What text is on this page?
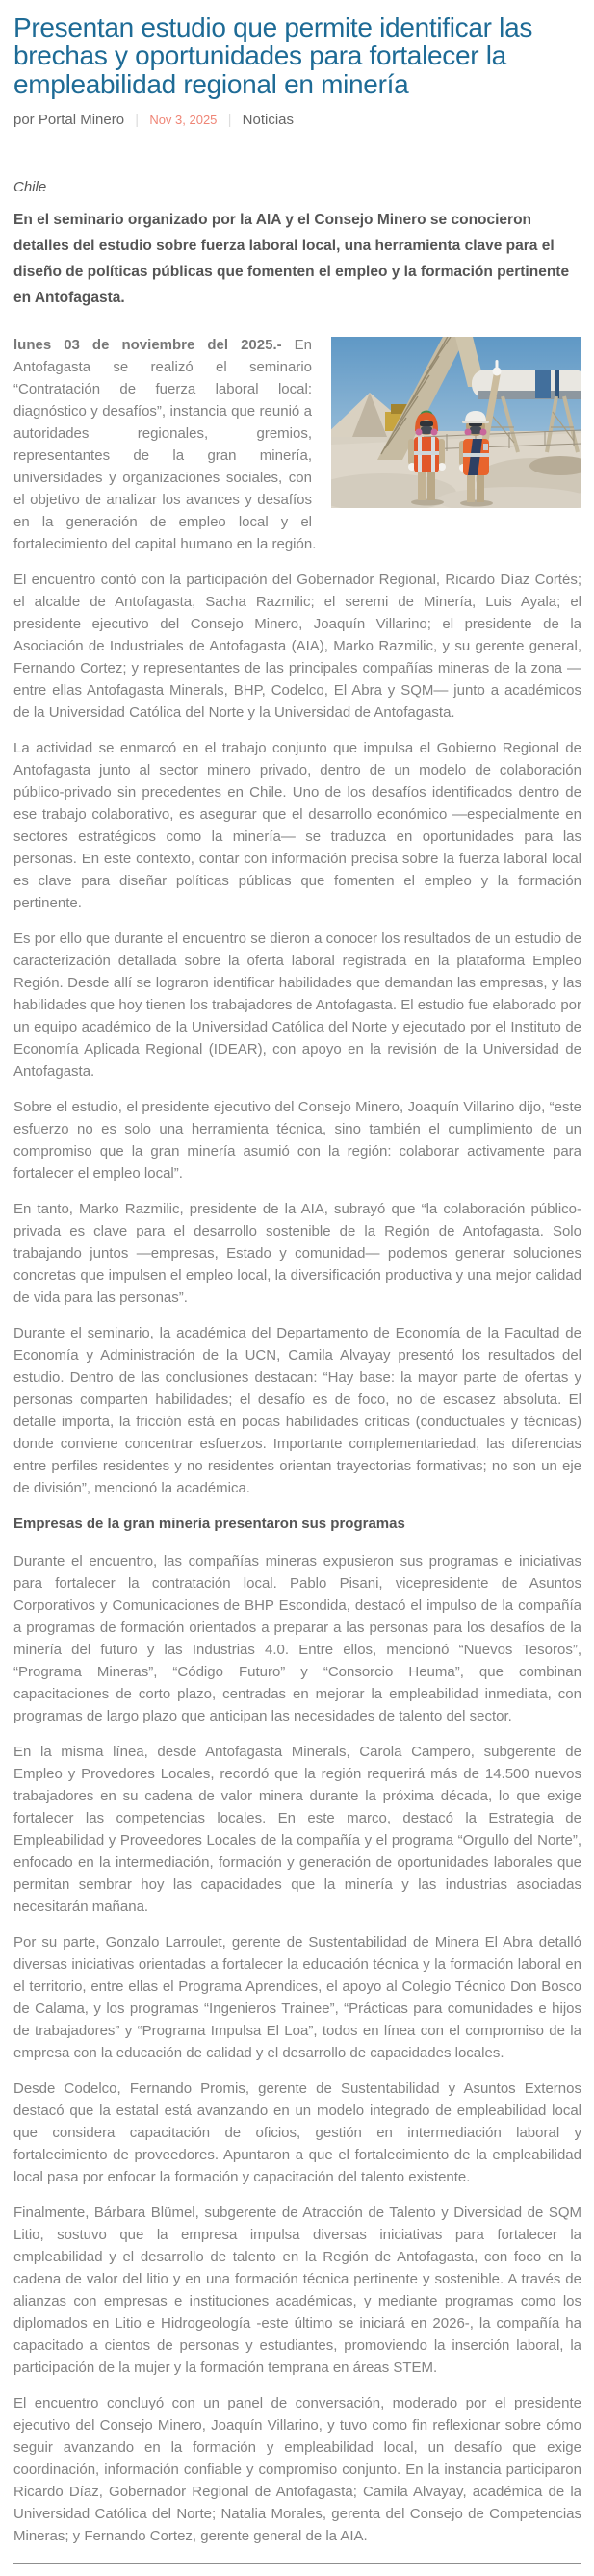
Presentan estudio que permite identificar las brechas y oportunidades para fortalecer la empleabilidad regional en minería
por Portal Minero | Nov 3, 2025 | Noticias

Chile

En el seminario organizado por la AIA y el Consejo Minero se conocieron detalles del estudio sobre fuerza laboral local, una herramienta clave para el diseño de políticas públicas que fomenten el empleo y la formación pertinente en Antofagasta.

lunes 03 de noviembre del 2025.- En Antofagasta se realizó el seminario “Contratación de fuerza laboral local: diagnóstico y desafíos”, instancia que reunió a autoridades regionales, gremios, representantes de la gran minería, universidades y organizaciones sociales, con el objetivo de analizar los avances y desafíos en la generación de empleo local y el fortalecimiento del capital humano en la región.

El encuentro contó con la participación del Gobernador Regional, Ricardo Díaz Cortés; el alcalde de Antofagasta, Sacha Razmilic; el seremi de Minería, Luis Ayala; el presidente ejecutivo del Consejo Minero, Joaquín Villarino; el presidente de la Asociación de Industriales de Antofagasta (AIA), Marko Razmilic, y su gerente general, Fernando Cortez; y representantes de las principales compañías mineras de la zona —entre ellas Antofagasta Minerals, BHP, Codelco, El Abra y SQM— junto a académicos de la Universidad Católica del Norte y la Universidad de Antofagasta.

La actividad se enmarcó en el trabajo conjunto que impulsa el Gobierno Regional de Antofagasta junto al sector minero privado, dentro de un modelo de colaboración público-privado sin precedentes en Chile. Uno de los desafíos identificados dentro de ese trabajo colaborativo, es asegurar que el desarrollo económico —especialmente en sectores estratégicos como la minería— se traduzca en oportunidades para las personas. En este contexto, contar con información precisa sobre la fuerza laboral local es clave para diseñar políticas públicas que fomenten el empleo y la formación pertinente.

Es por ello que durante el encuentro se dieron a conocer los resultados de un estudio de caracterización detallada sobre la oferta laboral registrada en la plataforma Empleo Región. Desde allí se lograron identificar habilidades que demandan las empresas, y las habilidades que hoy tienen los trabajadores de Antofagasta. El estudio fue elaborado por un equipo académico de la Universidad Católica del Norte y ejecutado por el Instituto de Economía Aplicada Regional (IDEAR), con apoyo en la revisión de la Universidad de Antofagasta.

Sobre el estudio, el presidente ejecutivo del Consejo Minero, Joaquín Villarino dijo, “este esfuerzo no es solo una herramienta técnica, sino también el cumplimiento de un compromiso que la gran minería asumió con la región: colaborar activamente para fortalecer el empleo local”.

En tanto, Marko Razmilic, presidente de la AIA, subrayó que “la colaboración público-privada es clave para el desarrollo sostenible de la Región de Antofagasta. Solo trabajando juntos —empresas, Estado y comunidad— podemos generar soluciones concretas que impulsen el empleo local, la diversificación productiva y una mejor calidad de vida para las personas”.

Durante el seminario, la académica del Departamento de Economía de la Facultad de Economía y Administración de la UCN, Camila Alvayay presentó los resultados del estudio. Dentro de las conclusiones destacan: “Hay base: la mayor parte de ofertas y personas comparten habilidades; el desafío es de foco, no de escasez absoluta. El detalle importa, la fricción está en pocas habilidades críticas (conductuales y técnicas) donde conviene concentrar esfuerzos. Importante complementariedad, las diferencias entre perfiles residentes y no residentes orientan trayectorias formativas; no son un eje de división”, mencionó la académica.

Empresas de la gran minería presentaron sus programas

Durante el encuentro, las compañías mineras expusieron sus programas e iniciativas para fortalecer la contratación local. Pablo Pisani, vicepresidente de Asuntos Corporativos y Comunicaciones de BHP Escondida, destacó el impulso de la compañía a programas de formación orientados a preparar a las personas para los desafíos de la minería del futuro y las Industrias 4.0. Entre ellos, mencionó “Nuevos Tesoros”, “Programa Mineras”, “Código Futuro” y “Consorcio Heuma”, que combinan capacitaciones de corto plazo, centradas en mejorar la empleabilidad inmediata, con programas de largo plazo que anticipan las necesidades de talento del sector.

En la misma línea, desde Antofagasta Minerals, Carola Campero, subgerente de Empleo y Provedores Locales, recordó que la región requerirá más de 14.500 nuevos trabajadores en su cadena de valor minera durante la próxima década, lo que exige fortalecer las competencias locales. En este marco, destacó la Estrategia de Empleabilidad y Proveedores Locales de la compañía y el programa “Orgullo del Norte”, enfocado en la intermediación, formación y generación de oportunidades laborales que permitan sembrar hoy las capacidades que la minería y las industrias asociadas necesitarán mañana.

Por su parte, Gonzalo Larroulet, gerente de Sustentabilidad de Minera El Abra detalló diversas iniciativas orientadas a fortalecer la educación técnica y la formación laboral en el territorio, entre ellas el Programa Aprendices, el apoyo al Colegio Técnico Don Bosco de Calama, y los programas “Ingenieros Trainee”, “Prácticas para comunidades e hijos de trabajadores” y “Programa Impulsa El Loa”, todos en línea con el compromiso de la empresa con la educación de calidad y el desarrollo de capacidades locales.

Desde Codelco, Fernando Promis, gerente de Sustentabilidad y Asuntos Externos destacó que la estatal está avanzando en un modelo integrado de empleabilidad local que considera capacitación de oficios, gestión en intermediación laboral y fortalecimiento de proveedores. Apuntaron a que el fortalecimiento de la empleabilidad local pasa por enfocar la formación y capacitación del talento existente.

Finalmente, Bárbara Blümel, subgerente de Atracción de Talento y Diversidad de SQM Litio, sostuvo que la empresa impulsa diversas iniciativas para fortalecer la empleabilidad y el desarrollo de talento en la Región de Antofagasta, con foco en la cadena de valor del litio y en una formación técnica pertinente y sostenible. A través de alianzas con empresas e instituciones académicas, y mediante programas como los diplomados en Litio e Hidrogeología -este último se iniciará en 2026-, la compañía ha capacitado a cientos de personas y estudiantes, promoviendo la inserción laboral, la participación de la mujer y la formación temprana en áreas STEM.

El encuentro concluyó con un panel de conversación, moderado por el presidente ejecutivo del Consejo Minero, Joaquín Villarino, y tuvo como fin reflexionar sobre cómo seguir avanzando en la formación y empleabilidad local, un desafío que exige coordinación, información confiable y compromiso conjunto. En la instancia participaron Ricardo Díaz, Gobernador Regional de Antofagasta; Camila Alvayay, académica de la Universidad Católica del Norte; Natalia Morales, gerenta del Consejo de Competencias Mineras; y Fernando Cortez, gerente general de la AIA.
